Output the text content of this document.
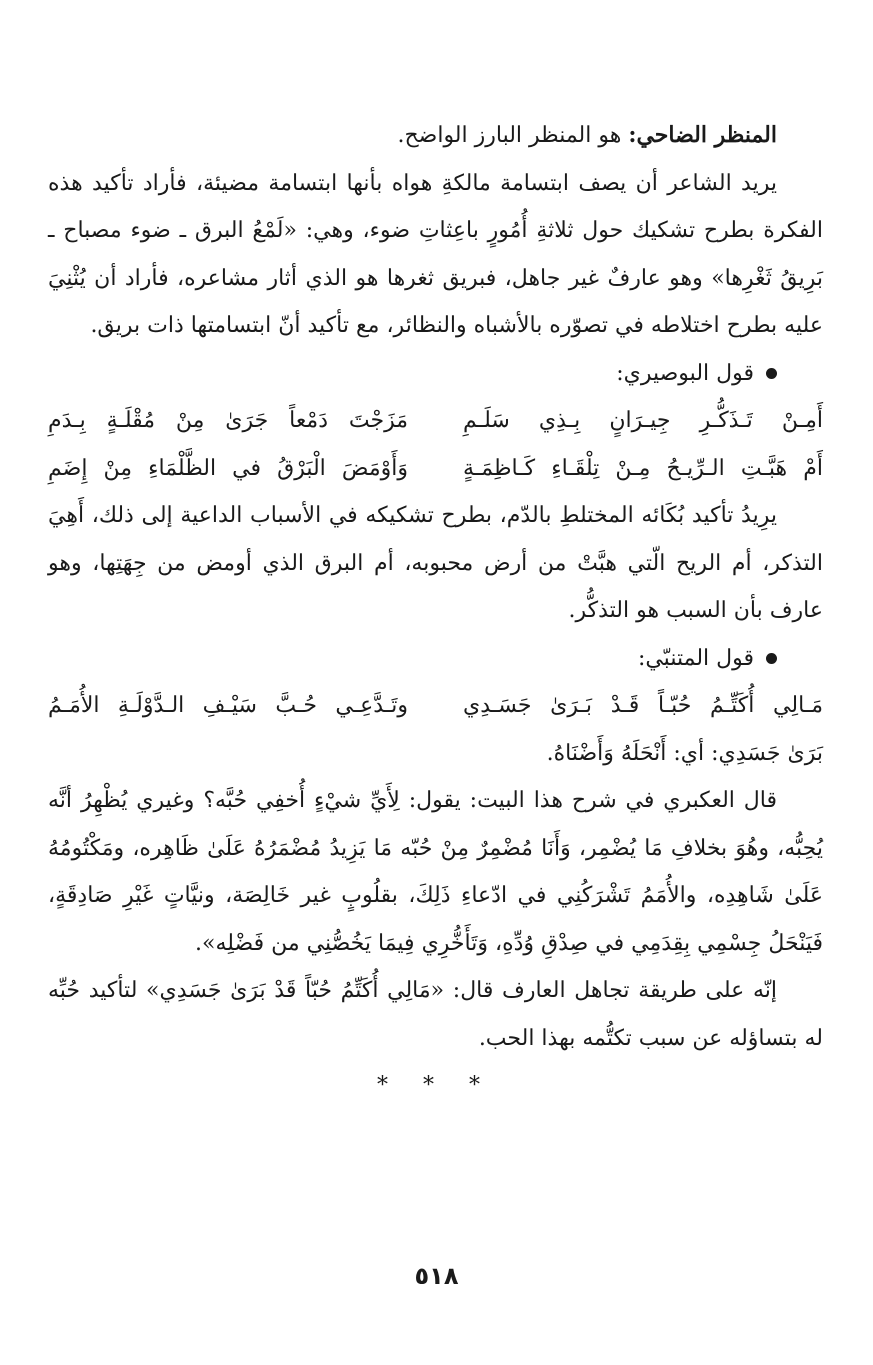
المنظر الضاحي: هو المنظر البارز الواضح.

يريد الشاعر أن يصف ابتسامة مالكةِ هواه بأنها ابتسامة مضيئة، فأراد تأكيد هذه الفكرة بطرح تشكيك حول ثلاثةِ أُمُورٍ باعِثاتِ ضوء، وهي: «لَمْعُ البرق ـ ضوء مصباح ـ بَرِيقُ ثَغْرِها» وهو عارفٌ غير جاهل، فبريق ثغرها هو الذي أثار مشاعره، فأراد أن يُثْنِيَ عليه بطرح اختلاطه في تصوّره بالأشباه والنظائر، مع تأكيد أنّ ابتسامتها ذات بريق.

قول البوصيري:
أَمِـنْ تَـذَكُّـرِ جِيـرَانٍ بِـذِي سَلَـمِ
مَزَجْتَ دَمْعاً جَرَىٰ مِنْ مُقْلَـةٍ بِـدَمِ
أَمْ هَبَّـتِ الـرِّيـحُ مِـنْ تِلْقَـاءِ كَـاظِمَـةٍ
وَأَوْمَضَ الْبَرْقُ في الظَّلْمَاءِ مِنْ إِضَمِ

يرِيدُ تأكيد بُكَائه المختلطِ بالدّم، بطرح تشكيكه في الأسباب الداعية إلى ذلك، أَهِيَ التذكر، أم الريح الّتي هبَّتْ من أرض محبوبه، أم البرق الذي أومض من جِهَتِها، وهو عارف بأن السبب هو التذكُّر.

قول المتنبّي:
مَـالِي أُكَتِّـمُ حُبّـاً قَـدْ بَـرَىٰ جَسَـدِي
وتَـدَّعِـي حُـبَّ سَيْـفِ الـدَّوْلَـةِ الأُمَـمُ
بَرَىٰ جَسَدِي: أي: أَنْحَلَهُ وَأَضْنَاهُ.

قال العكبري في شرح هذا البيت: يقول: لِأَيِّ شيْءٍ أُخفِي حُبَّه؟ وغيري يُظْهِرُ أنَّه يُحِبُّه، وهُوَ بخلافِ مَا يُضْمِر، وَأَنَا مُضْمِرٌ مِنْ حُبّه مَا يَزِيدُ مُضْمَرُهُ عَلَىٰ ظَاهِره، ومَكْتُومُهُ عَلَىٰ شَاهِدِه، والأُمَمُ تَشْرَكُنِي في ادّعاءِ ذَلِكَ، بقلُوبٍ غير خَالِصَة، ونيَّاتٍ غَيْرِ صَادِقَةٍ، فَيَنْحَلُ جِسْمِي بِقِدَمِي في صِدْقِ وُدِّهِ، وَتَأَخُّرِي فِيمَا يَخُصُّنِي من فَضْلِه».

إنّه على طريقة تجاهل العارف قال: «مَالِي أُكَتِّمُ حُبّاً قَدْ بَرَىٰ جَسَدِي» لتأكيد حُبِّه له بتساؤله عن سبب تكتُّمه بهذا الحب.

* * *
٥١٨
